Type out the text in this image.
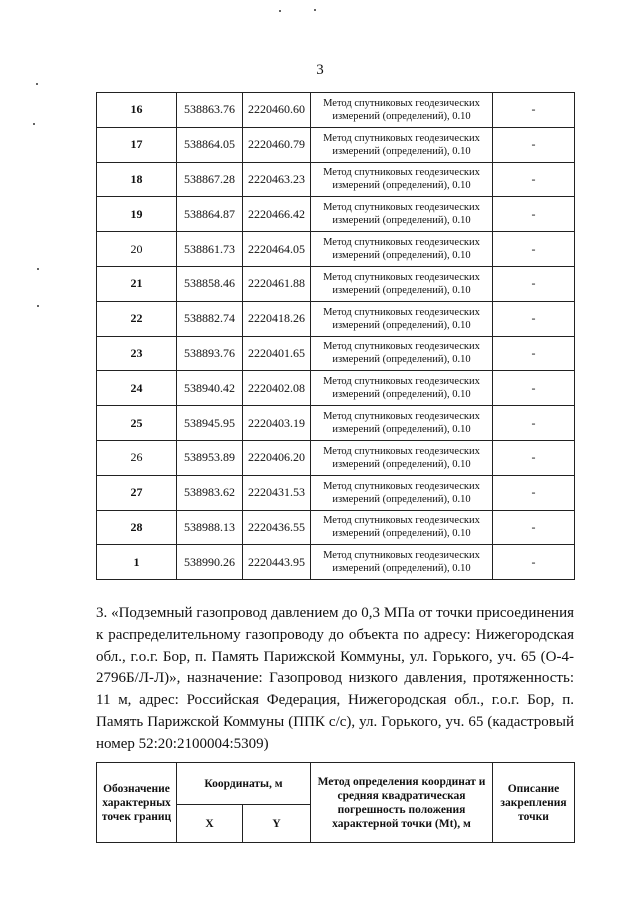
3
16	538863.76	2220460.60	Метод спутниковых геодезических измерений (определений), 0.10	-
17	538864.05	2220460.79	Метод спутниковых геодезических измерений (определений), 0.10	-
18	538867.28	2220463.23	Метод спутниковых геодезических измерений (определений), 0.10	-
19	538864.87	2220466.42	Метод спутниковых геодезических измерений (определений), 0.10	-
20	538861.73	2220464.05	Метод спутниковых геодезических измерений (определений), 0.10	-
21	538858.46	2220461.88	Метод спутниковых геодезических измерений (определений), 0.10	-
22	538882.74	2220418.26	Метод спутниковых геодезических измерений (определений), 0.10	-
23	538893.76	2220401.65	Метод спутниковых геодезических измерений (определений), 0.10	-
24	538940.42	2220402.08	Метод спутниковых геодезических измерений (определений), 0.10	-
25	538945.95	2220403.19	Метод спутниковых геодезических измерений (определений), 0.10	-
26	538953.89	2220406.20	Метод спутниковых геодезических измерений (определений), 0.10	-
27	538983.62	2220431.53	Метод спутниковых геодезических измерений (определений), 0.10	-
28	538988.13	2220436.55	Метод спутниковых геодезических измерений (определений), 0.10	-
1	538990.26	2220443.95	Метод спутниковых геодезических измерений (определений), 0.10	-
3. «Подземный газопровод давлением до 0,3 МПа от точки присоединения к распределительному газопроводу до объекта по адресу: Нижегородская обл., г.о.г. Бор, п. Память Парижской Коммуны, ул. Горького, уч. 65 (О-4-2796Б/Л-Л)», назначение: Газопровод низкого давления, протяженность: 11 м, адрес: Российская Федерация, Нижегородская обл., г.о.г. Бор, п. Память Парижской Коммуны (ППК с/с), ул. Горького, уч. 65 (кадастровый номер 52:20:2100004:5309)
Обозначение характерных точек границ	Координаты, м		Метод определения координат и средняя квадратическая погрешность положения характерной точки (Mt), м	Описание закрепления точки
	X	Y		
